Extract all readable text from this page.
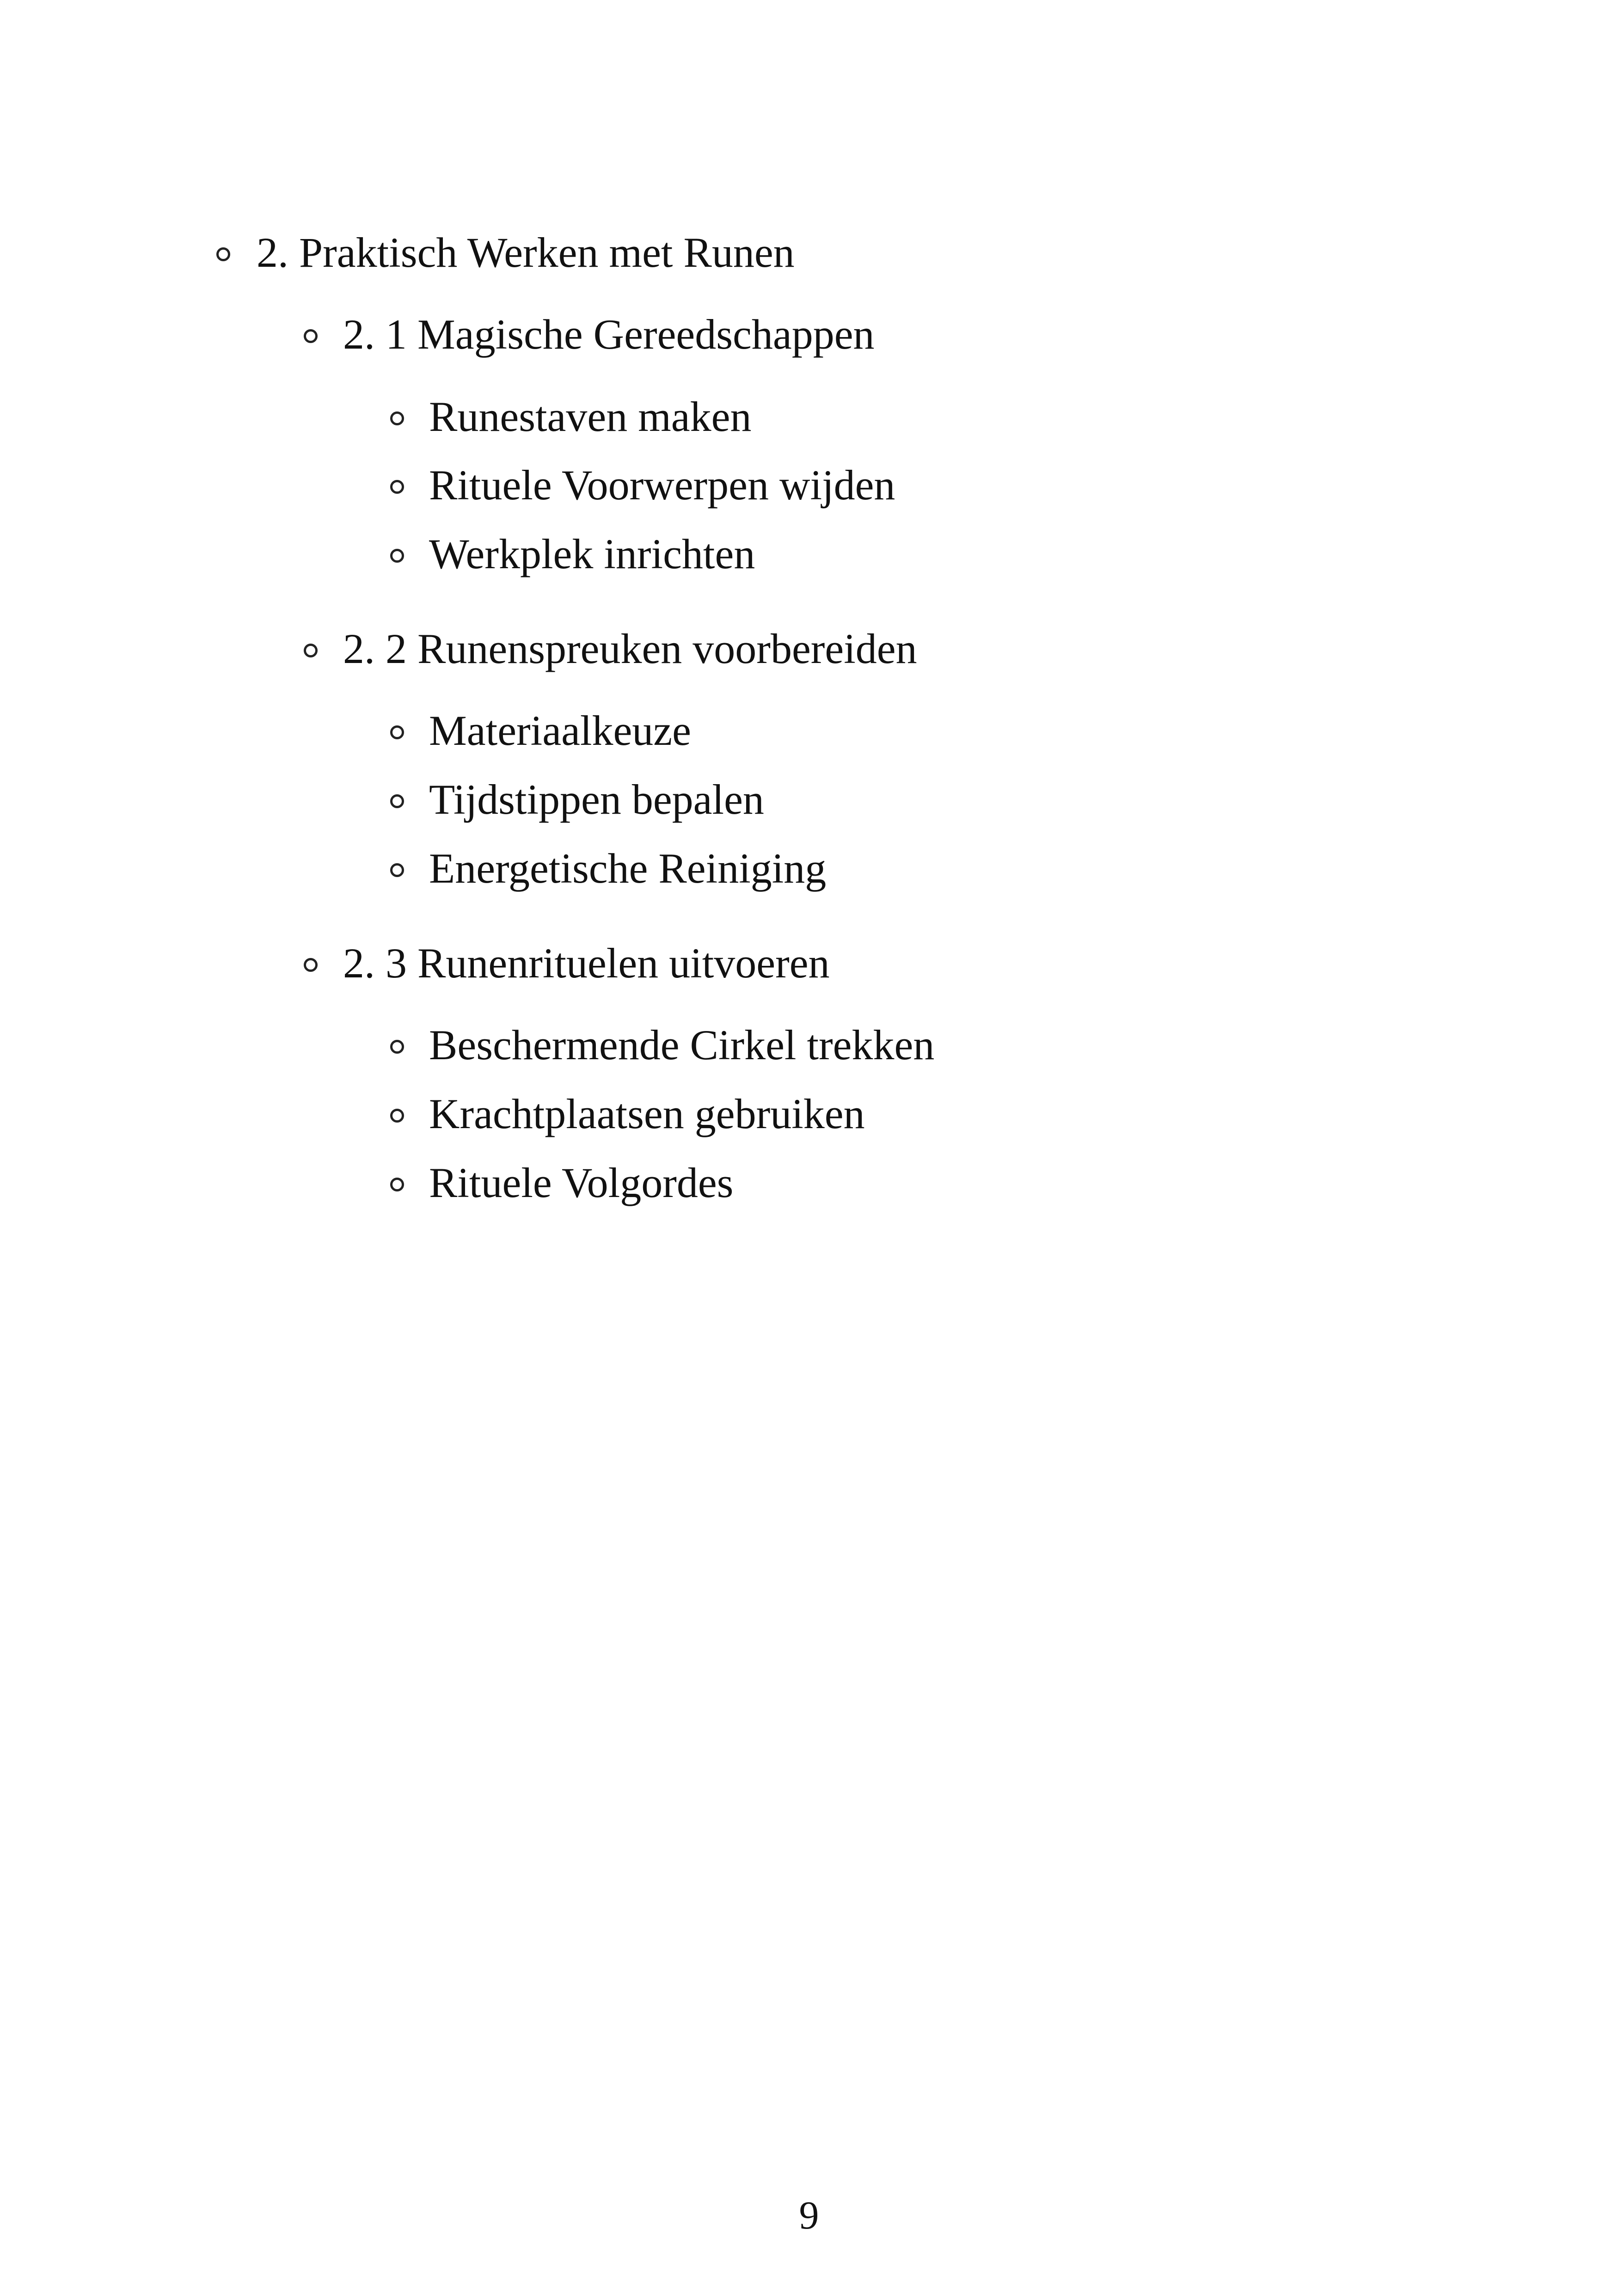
2. Praktisch Werken met Runen
2. 1 Magische Gereedschappen
Runestaven maken
Rituele Voorwerpen wijden
Werkplek inrichten
2. 2 Runenspreuken voorbereiden
Materiaalkeuze
Tijdstippen bepalen
Energetische Reiniging
2. 3 Runenrituelen uitvoeren
Beschermende Cirkel trekken
Krachtplaatsen gebruiken
Rituele Volgordes
9
